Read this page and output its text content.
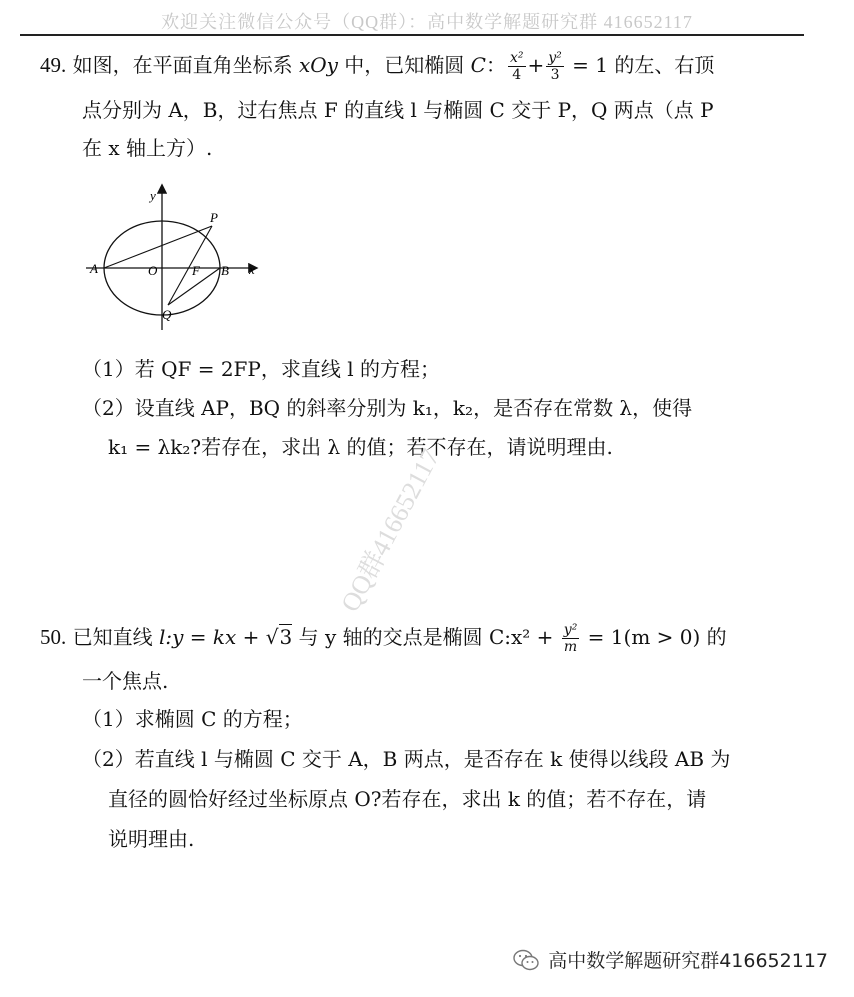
欢迎关注微信公众号（QQ群）：高中数学解题研究群 416652117
49. 如图，在平面直角坐标系 xOy 中，已知椭圆 C： $\frac{\text{x²}}{4} + \frac{\text{y²}}{3} = 1$ 的左、右顶
点分别为 A，B，过右焦点 F 的直线 l 与椭圆 C 交于 P，Q 两点（点 P
在 x 轴上方）.
y
x
A	O	F B
P
Q
（1）若 QF = 2FP，求直线 l 的方程；
（2）设直线 AP，BQ 的斜率分别为 k₁，k₂，是否存在常数 λ，使得
k₁ = λk₂?若存在，求出 λ 的值；若不存在，请说明理由.
QQ群416652117
50. 已知直线 l:y = kx + √3 与 y 轴的交点是椭圆 C:x² + $\frac{\text{y²}}{m} = 1(m > 0)$ 的
一个焦点.
（1）求椭圆 C 的方程；
（2）若直线 l 与椭圆 C 交于 A，B 两点，是否存在 k 使得以线段 AB 为
直径的圆恰好经过坐标原点 O?若存在，求出 k 的值；若不存在，请
说明理由.
高中数学解题研究群416652117
